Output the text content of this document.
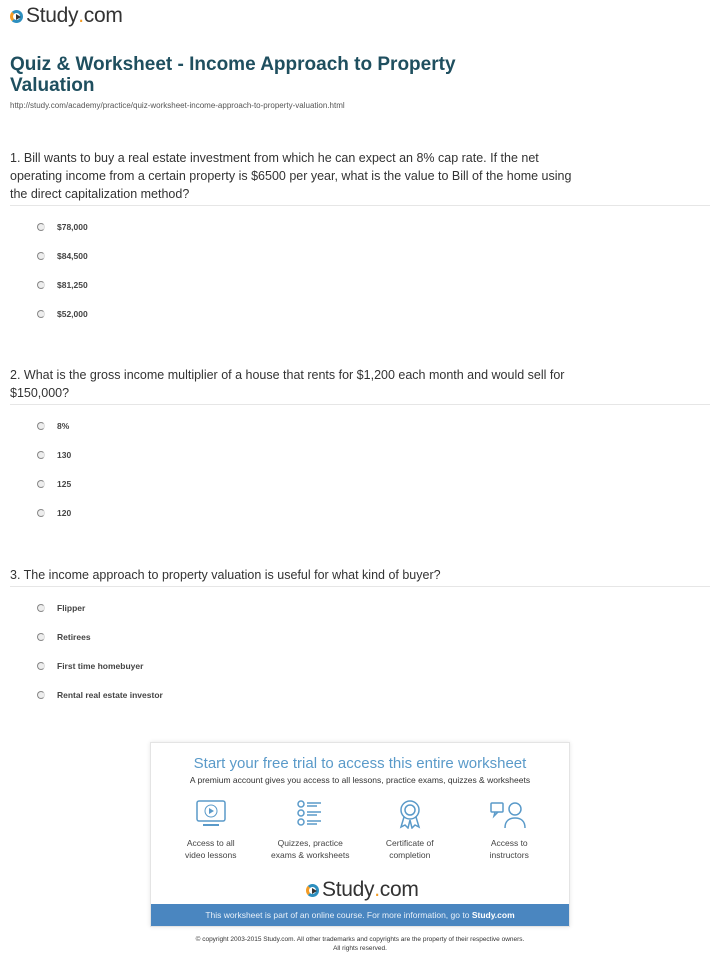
Study . com
Quiz & Worksheet - Income Approach to Property Valuation
http://study.com/academy/practice/quiz-worksheet-income-approach-to-property-valuation.html
1. Bill wants to buy a real estate investment from which he can expect an 8% cap rate. If the net operating income from a certain property is $6500 per year, what is the value to Bill of the home using the direct capitalization method?
$78,000
$84,500
$81,250
$52,000
2. What is the gross income multiplier of a house that rents for $1,200 each month and would sell for $150,000?
8%
130
125
120
3. The income approach to property valuation is useful for what kind of buyer?
Flipper
Retirees
First time homebuyer
Rental real estate investor
Start your free trial to access this entire worksheet
A premium account gives you access to all lessons, practice exams, quizzes & worksheets
Access to all
video lessons
Quizzes, practice
exams & worksheets
Certificate of
completion
Access to
instructors
Study . com
This worksheet is part of an online course. For more information, go to Study.com
© copyright 2003-2015 Study.com. All other trademarks and copyrights are the property of their respective owners.
All rights reserved.
